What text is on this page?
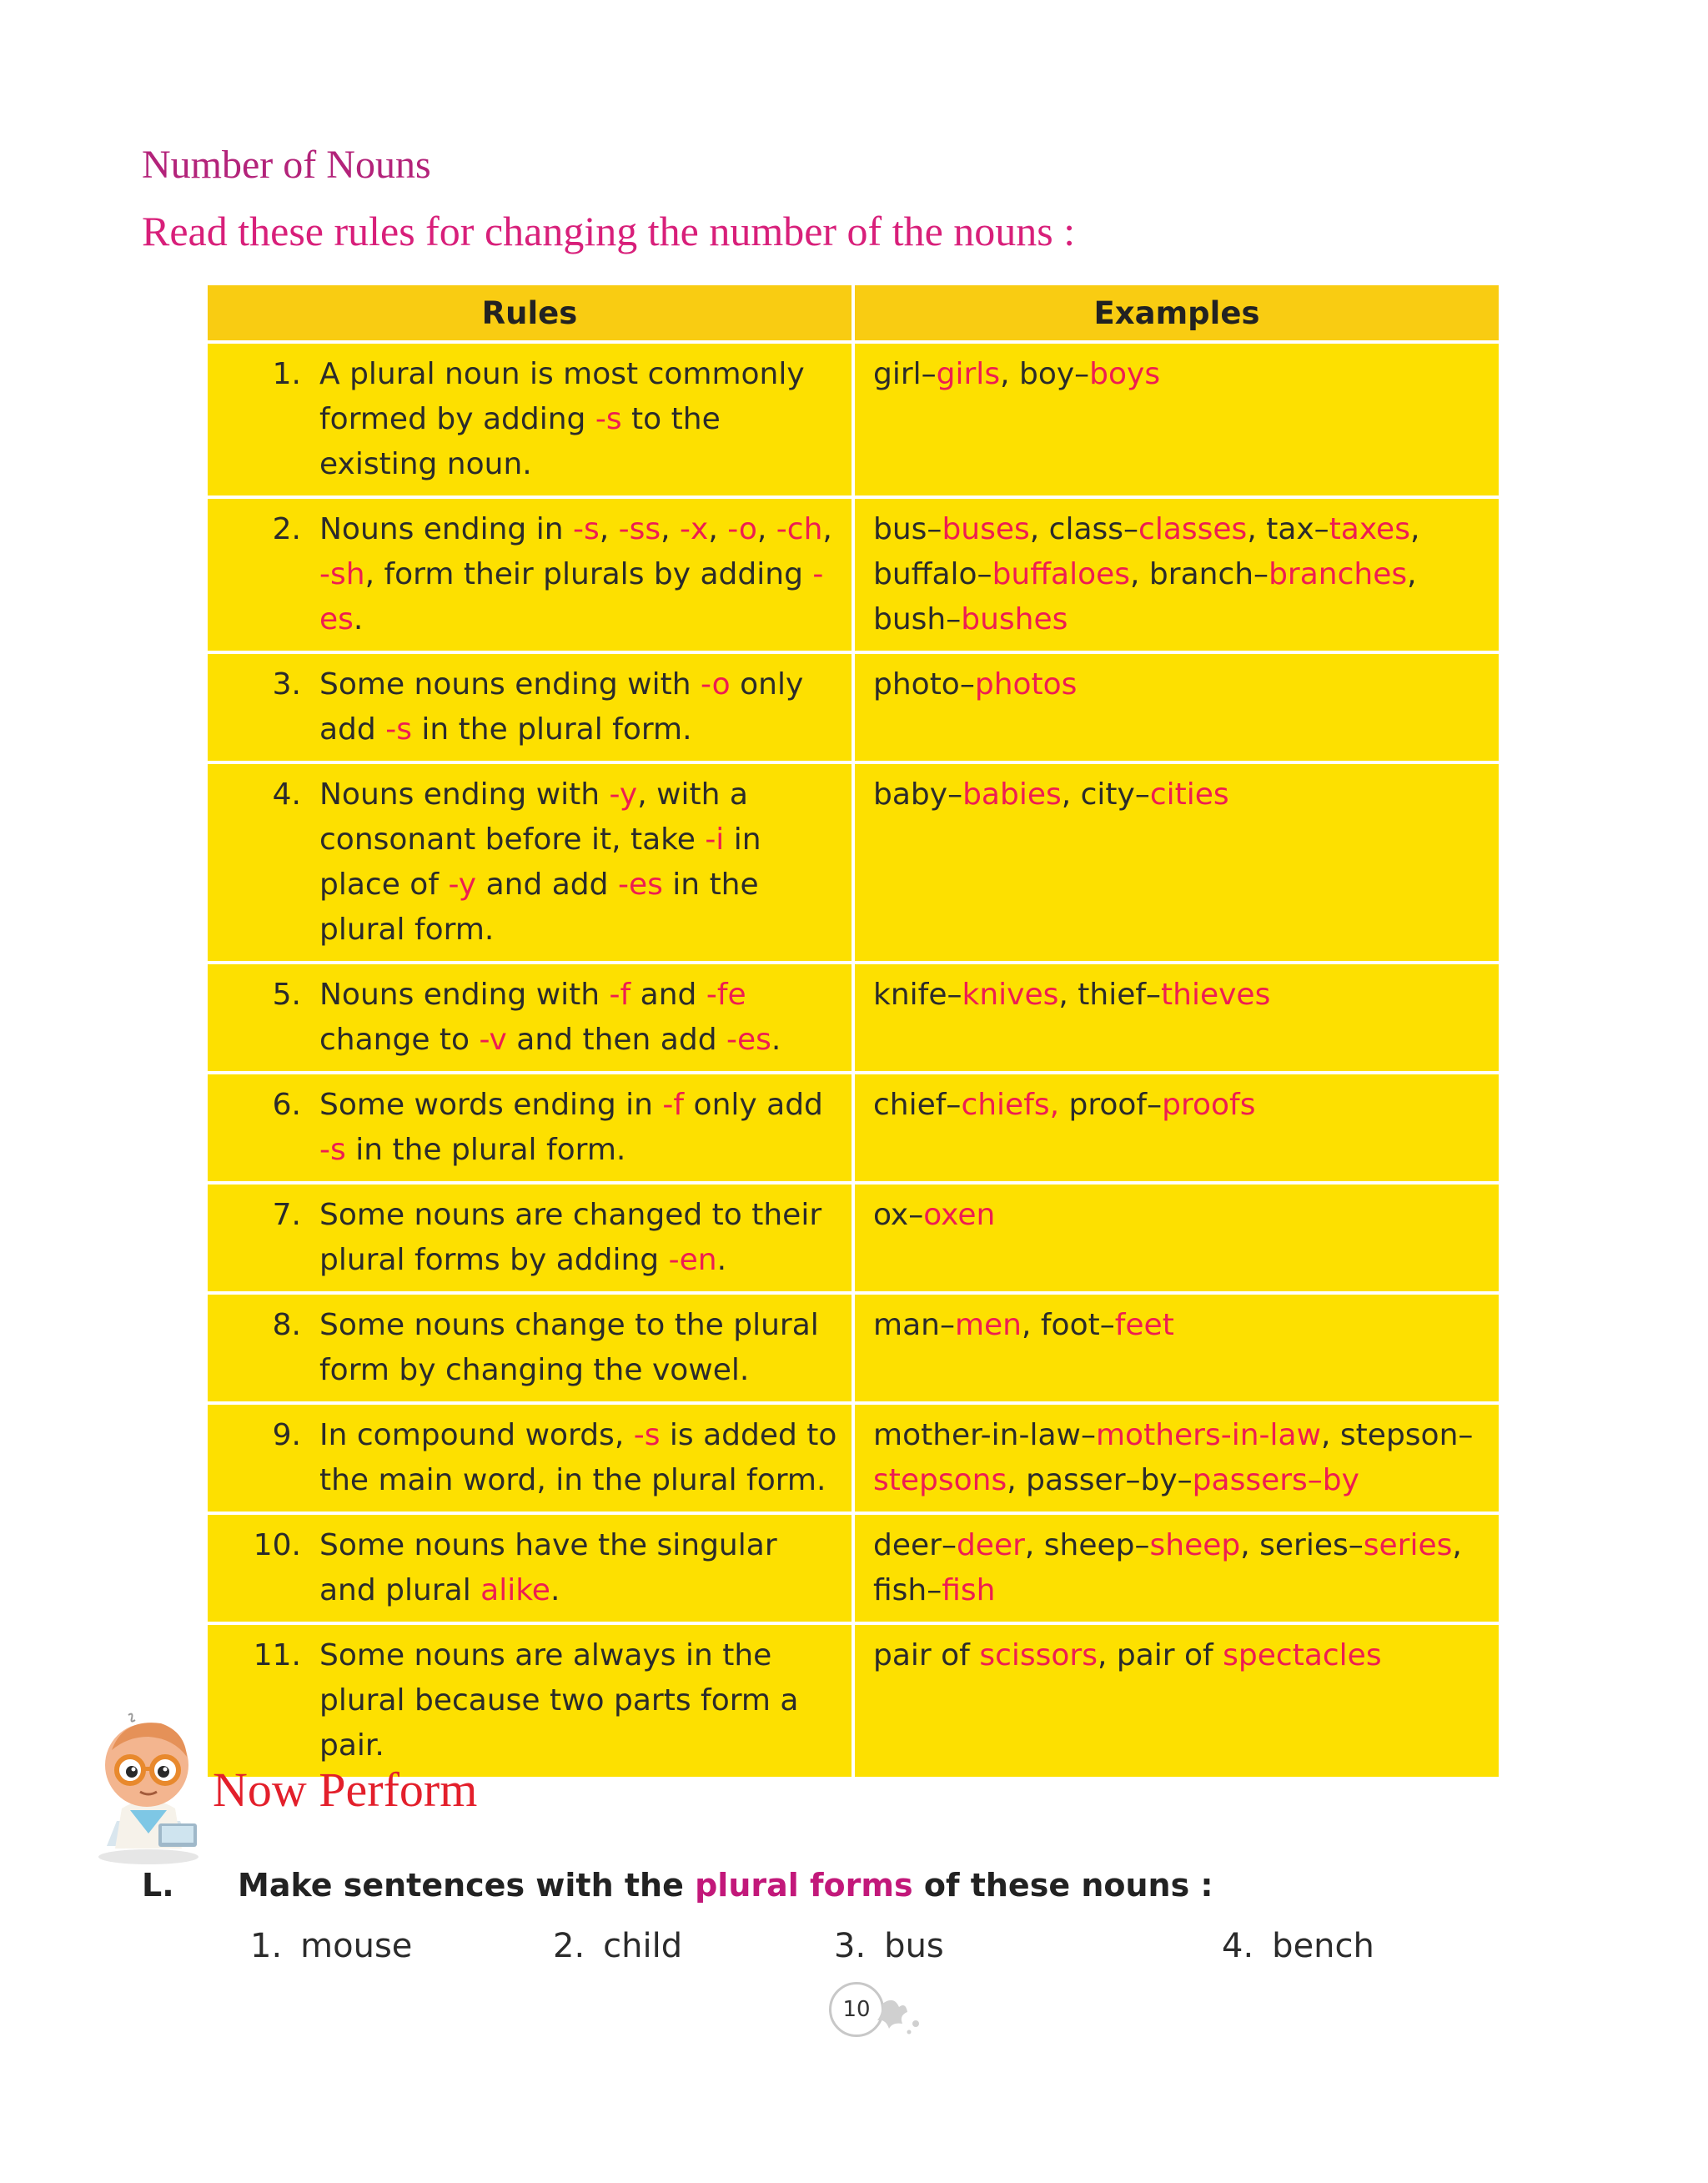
Number of Nouns
Read these rules for changing the number of the nouns :
Rules	Examples

1. A plural noun is most commonly formed by adding -s to the existing noun.	girl–girls, boy–boys

2. Nouns ending in -s, -ss, -x, -o, -ch, -sh, form their plurals by adding -es.	bus–buses, class–classes, tax–taxes, buffalo–buffaloes, branch–branches, bush–bushes

3. Some nouns ending with -o only add -s in the plural form.	photo–photos

4. Nouns ending with -y, with a consonant before it, take -i in place of -y and add -es in the plural form.	baby–babies, city–cities

5. Nouns ending with -f and -fe change to -v and then add -es.	knife–knives, thief–thieves

6. Some words ending in -f only add -s in the plural form.	chief–chiefs, proof–proofs

7. Some nouns are changed to their plural forms by adding -en.	ox–oxen

8. Some nouns change to the plural form by changing the vowel.	man–men, foot–feet

9. In compound words, -s is added to the main word, in the plural form.	mother-in-law–mothers-in-law, stepson–stepsons, passer–by–passers–by

10. Some nouns have the singular and plural alike.	deer–deer, sheep–sheep, series–series, fish–fish

11. Some nouns are always in the plural because two parts form a pair.	pair of scissors, pair of spectacles
Now Perform
L. Make sentences with the plural forms of these nouns :
1. mouse	2. child	3. bus	4. bench
10
